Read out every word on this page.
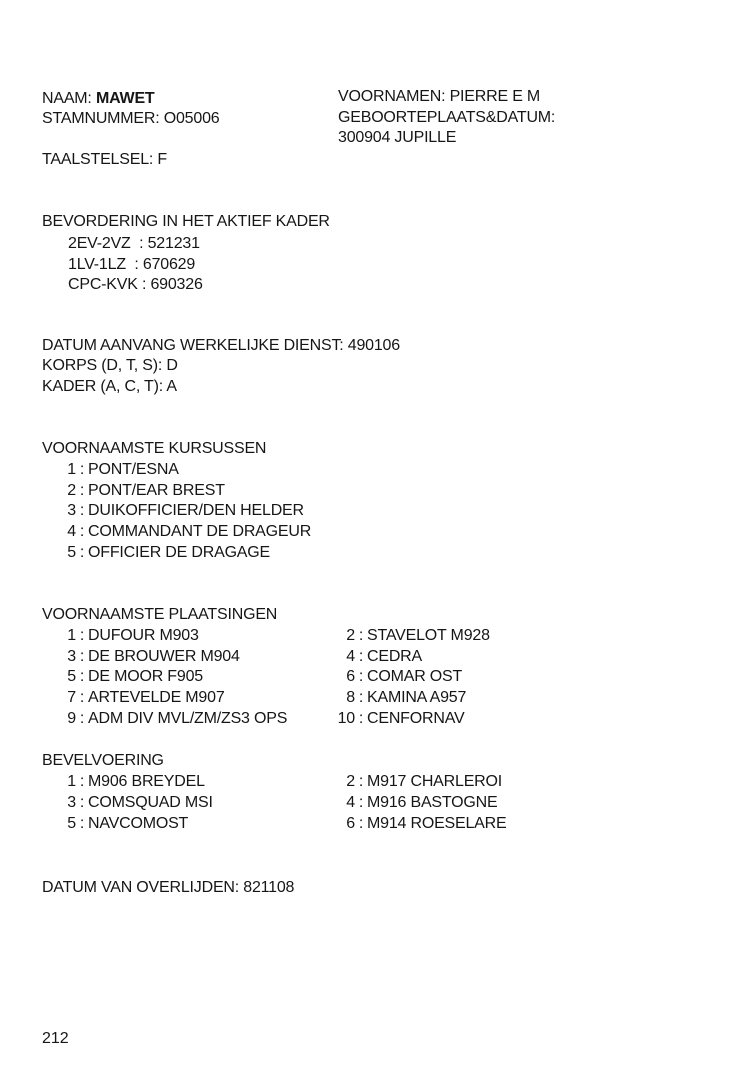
NAAM: MAWET
STAMNUMMER: O05006
TAALSTELSEL: F
VOORNAMEN: PIERRE E M
GEBOORTEPLAATS&DATUM:
300904 JUPILLE
BEVORDERING IN HET AKTIEF KADER
2EV-2VZ  : 521231
1LV-1LZ  : 670629
CPC-KVK : 690326
DATUM AANVANG WERKELIJKE DIENST: 490106
KORPS (D, T, S): D
KADER (A, C, T): A
VOORNAAMSTE KURSUSSEN
1 : PONT/ESNA
2 : PONT/EAR BREST
3 : DUIKOFFICIER/DEN HELDER
4 : COMMANDANT DE DRAGEUR
5 : OFFICIER DE DRAGAGE
VOORNAAMSTE PLAATSINGEN
1 : DUFOUR M903
3 : DE BROUWER M904
5 : DE MOOR F905
7 : ARTEVELDE M907
9 : ADM DIV MVL/ZM/ZS3 OPS
2 : STAVELOT M928
4 : CEDRA
6 : COMAR OST
8 : KAMINA A957
10 : CENFORNAV
BEVELVOERING
1 : M906 BREYDEL
3 : COMSQUAD MSI
5 : NAVCOMOST
2 : M917 CHARLEROI
4 : M916 BASTOGNE
6 : M914 ROESELARE
DATUM VAN OVERLIJDEN: 821108
212
